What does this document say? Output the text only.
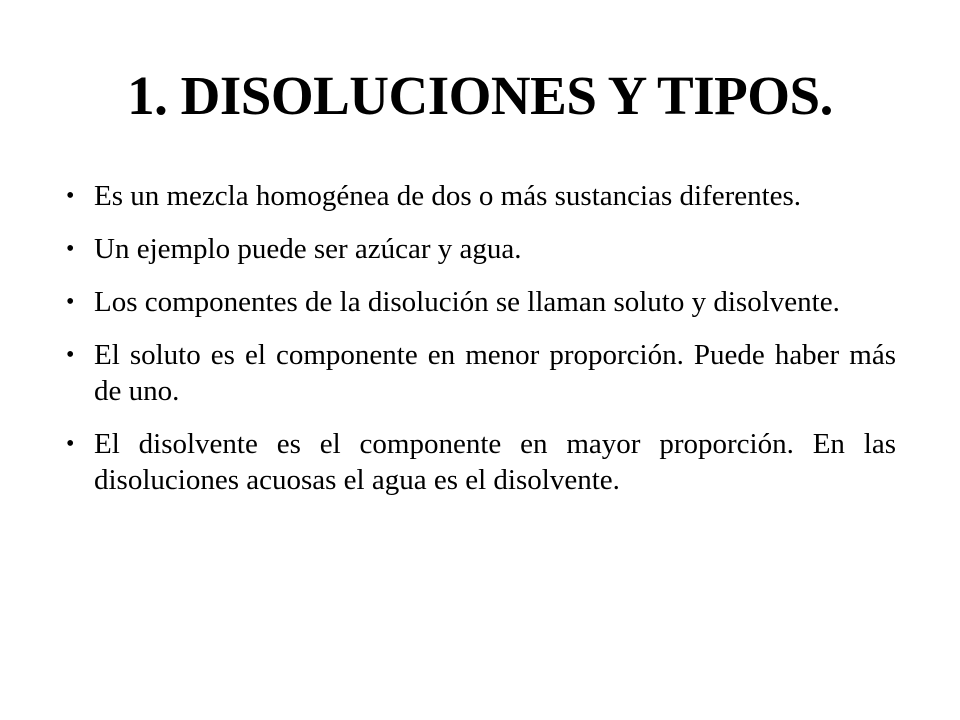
1. DISOLUCIONES Y TIPOS.
• Es un mezcla homogénea de dos o más sustancias diferentes.
• Un ejemplo puede ser azúcar y agua.
• Los componentes de la disolución se llaman soluto y disolvente.
• El soluto es el componente en menor proporción. Puede haber más de uno.
• El disolvente es el componente en mayor proporción. En las disoluciones acuosas el agua es el disolvente.
